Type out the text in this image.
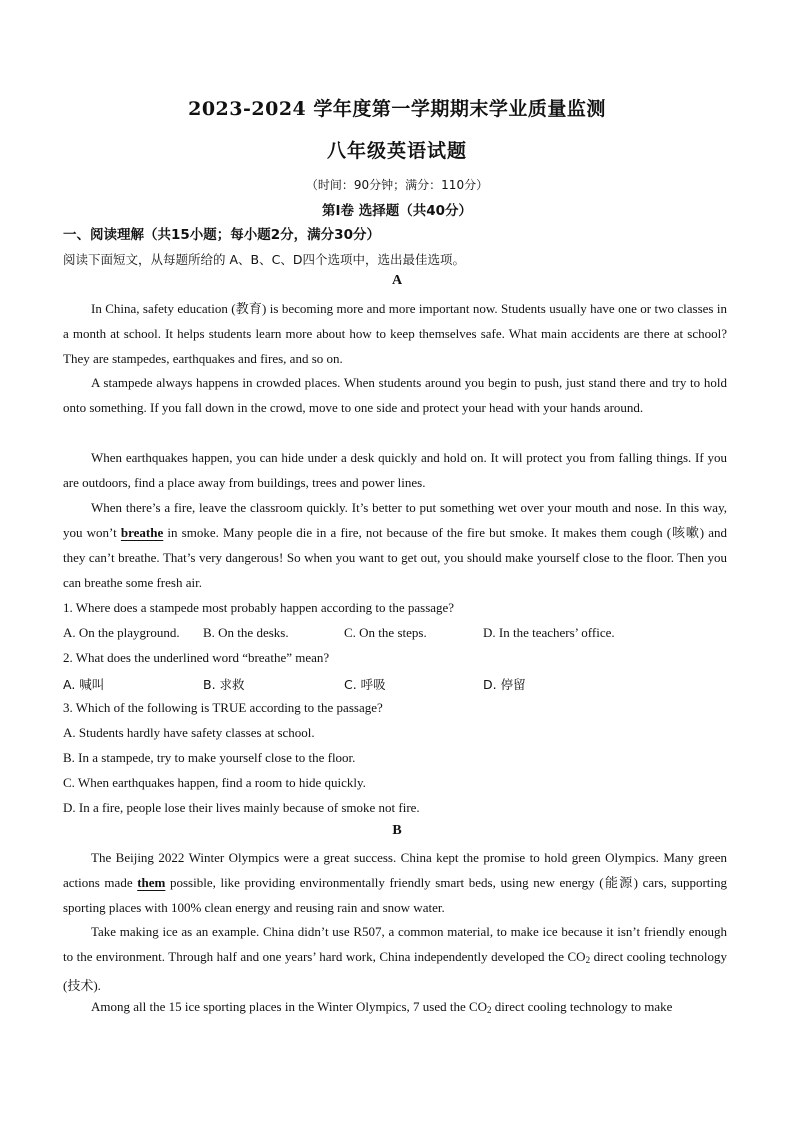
2023-2024 学年度第一学期期末学业质量监测
八年级英语试题
（时间：90分钟；满分：110分）
第Ⅰ卷 选择题（共40分）
一、阅读理解（共15小题；每小题2分，满分30分）
阅读下面短文，从每题所给的 A、B、C、D四个选项中，选出最佳选项。
A

In China, safety education (教育) is becoming more and more important now. Students usually have one or two classes in a month at school. It helps students learn more about how to keep themselves safe. What main accidents are there at school? They are stampedes, earthquakes and fires, and so on.

A stampede always happens in crowded places. When students around you begin to push, just stand there and try to hold onto something. If you fall down in the crowd, move to one side and protect your head with your hands around.

When earthquakes happen, you can hide under a desk quickly and hold on. It will protect you from falling things. If you are outdoors, find a place away from buildings, trees and power lines.

When there’s a fire, leave the classroom quickly. It’s better to put something wet over your mouth and nose. In this way, you won’t breathe in smoke. Many people die in a fire, not because of the fire but smoke. It makes them cough (咳嗽) and they can’t breathe. That’s very dangerous! So when you want to get out, you should make yourself close to the floor. Then you can breathe some fresh air.

1. Where does a stampede most probably happen according to the passage?
A. On the playground. B. On the desks.	C. On the steps.	D. In the teachers’ office.
2. What does the underlined word “breathe” mean?
A. 喊叫	B. 求救	C. 呼吸	D. 停留
3. Which of the following is TRUE according to the passage?
A. Students hardly have safety classes at school.
B. In a stampede, try to make yourself close to the floor.
C. When earthquakes happen, find a room to hide quickly.
D. In a fire, people lose their lives mainly because of smoke not fire.
B

The Beijing 2022 Winter Olympics were a great success. China kept the promise to hold green Olympics. Many green actions made them possible, like providing environmentally friendly smart beds, using new energy (能源) cars, supporting sporting places with 100% clean energy and reusing rain and snow water.

Take making ice as an example. China didn’t use R507, a common material, to make ice because it isn’t friendly enough to the environment. Through half and one years’ hard work, China independently developed the $CO_2$ direct cooling technology (技术).

Among all the 15 ice sporting places in the Winter Olympics, 7 used the $CO_2$ direct cooling technology to make
